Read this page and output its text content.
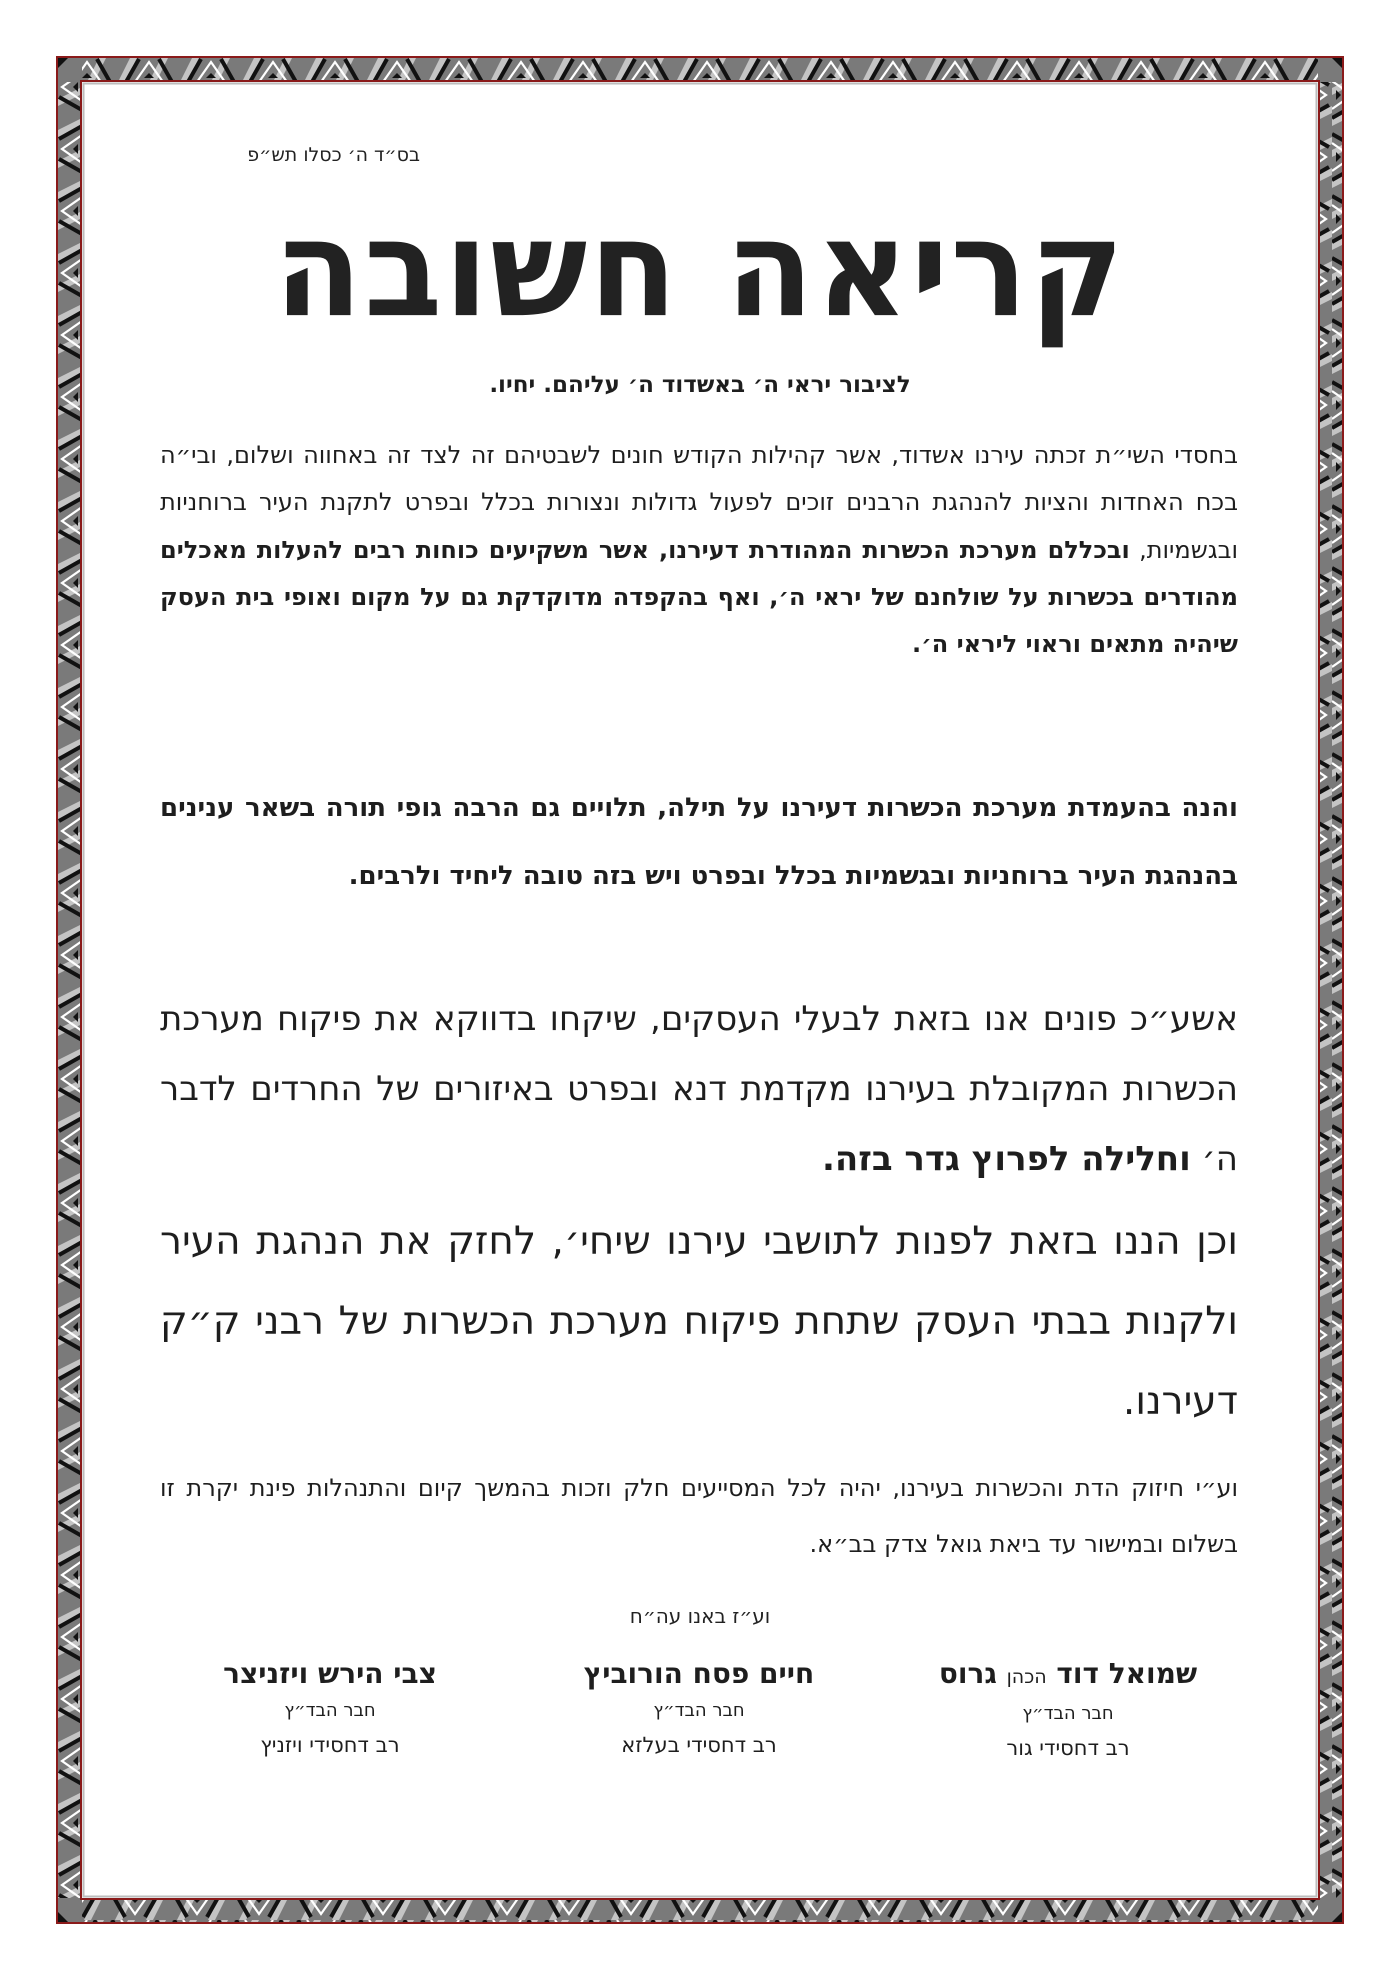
בס״ד ה׳ כסלו תש״פ
קריאה חשובה
לציבור יראי ה׳ באשדוד ה׳ עליהם. יחיו.
בחסדי השי״ת זכתה עירנו אשדוד, אשר קהילות הקודש חונים לשבטיהם זה לצד זה באחווה ושלום, ובי״ה בכח האחדות והציות להנהגת הרבנים זוכים לפעול גדולות ונצורות בכלל ובפרט לתקנת העיר ברוחניות ובגשמיות, ובכללם מערכת הכשרות המהודרת דעירנו, אשר משקיעים כוחות רבים להעלות מאכלים מהודרים בכשרות על שולחנם של יראי ה׳, ואף בהקפדה מדוקדקת גם על מקום ואופי בית העסק שיהיה מתאים וראוי ליראי ה׳.
והנה בהעמדת מערכת הכשרות דעירנו על תילה, תלויים גם הרבה גופי תורה בשאר ענינים בהנהגת העיר ברוחניות ובגשמיות בכלל ובפרט ויש בזה טובה ליחיד ולרבים.
אשע״כ פונים אנו בזאת לבעלי העסקים, שיקחו בדווקא את פיקוח מערכת הכשרות המקובלת בעירנו מקדמת דנא ובפרט באיזורים של החרדים לדבר ה׳ וחלילה לפרוץ גדר בזה.
וכן הננו בזאת לפנות לתושבי עירנו שיחי׳, לחזק את הנהגת העיר ולקנות בבתי העסק שתחת פיקוח מערכת הכשרות של רבני ק״ק דעירנו.
וע״י חיזוק הדת והכשרות בעירנו, יהיה לכל המסייעים חלק וזכות בהמשך קיום והתנהלות פינת יקרת זו בשלום ובמישור עד ביאת גואל צדק בב״א.
וע״ז באנו עה״ח
שמואל דוד הכהן גרוס
חבר הבד״ץ
רב דחסידי גור
חיים פסח הורוביץ
חבר הבד״ץ
רב דחסידי בעלזא
צבי הירש ויזניצר
חבר הבד״ץ
רב דחסידי ויזניץ
